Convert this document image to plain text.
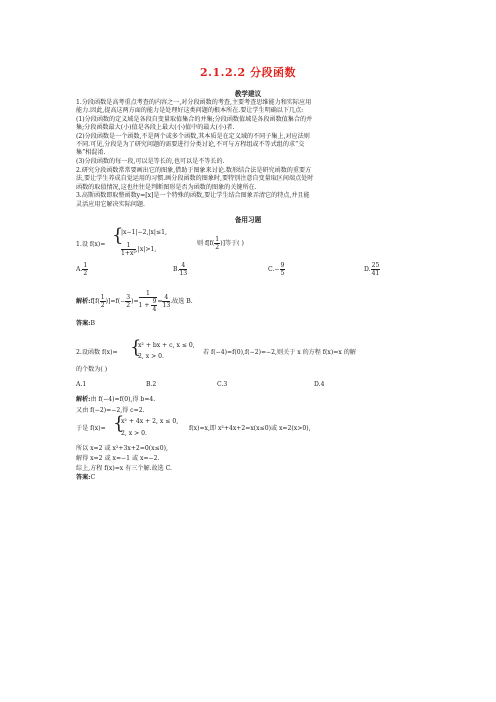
2.1.2.2 分段函数
教学建议
1.分段函数是高考重点考查的内容之一,对分段函数的考查,主要考查思维能力和实际应用
能力.因此,提高这两方面的能力是处理好这类问题的根本所在.要让学生明确以下几点:
(1)分段函数的定义域是各段自变量取值集合的并集;分段函数值域是各段函数值集合的并
集;分段函数最大(小)值是各段上最大(小)值中的最大(小)者.
(2)分段函数是一个函数,不是两个或多个函数,其本质是在定义域的不同子集上,对应法则
不同.可见,分段是为了研究问题的需要进行分类讨论,不可与方程组或不等式组的求“交
集”相混淆.
(3)分段函数的每一段,可以是等长的,也可以是不等长的.
2.研究分段函数常常要画出它的图象,借助于图象来讨论.数形结合法是研究函数的重要方
法,要让学生养成自觉运用的习惯.画分段函数的图象时,要特别注意自变量取区间端点处时
函数的取值情况,这也往往是判断图形是否为函数的图象的关键所在.
3.高斯函数即取整函数y=[x]是一个特殊的函数,要让学生结合图象弄清它的特点,并且能
灵活应用它解决实际问题.
备用习题
1.设 f(x)= {
|x−1|−2,|x|≤1,
$\frac{1}{\text{1+x²}} ,|x|>1$,
则 $f[f( \frac{1}{2}$ )]等于( )
A. $\frac{1}{2}$	B. $\frac{4}{13}$	$C.- \frac{9}{5}$	D. $\frac{25}{41}$
解析:f[f( $\frac{1}{2} )]=f(- \frac{3}{2}$ )= $\frac{1}{1 + \frac{9}{4}} = \frac{4}{13}$ .故选 B.
答案:B
2.设函数 f(x)= {
x² + bx + c, x ≤ 0,
2, x > 0.
若 f(−4)=f(0),f(−2)=−2,则关于 x 的方程 f(x)=x 的解
的个数为( )
A.1	B.2	C.3	D.4
解析:由 f(−4)=f(0),得 b=4.
又由 f(−2)=−2,得 c=2.
于是 f(x)= {
x² + 4x + 2, x ≤ 0,
2, x > 0.
f(x)=x,即 x²+4x+2=x(x≤0)或 x=2(x>0),
所以 x=2 或 x²+3x+2=0(x≤0),
解得 x=2 或 x=−1 或 x=−2.
综上,方程 f(x)=x 有三个解.故选 C.
答案:C
